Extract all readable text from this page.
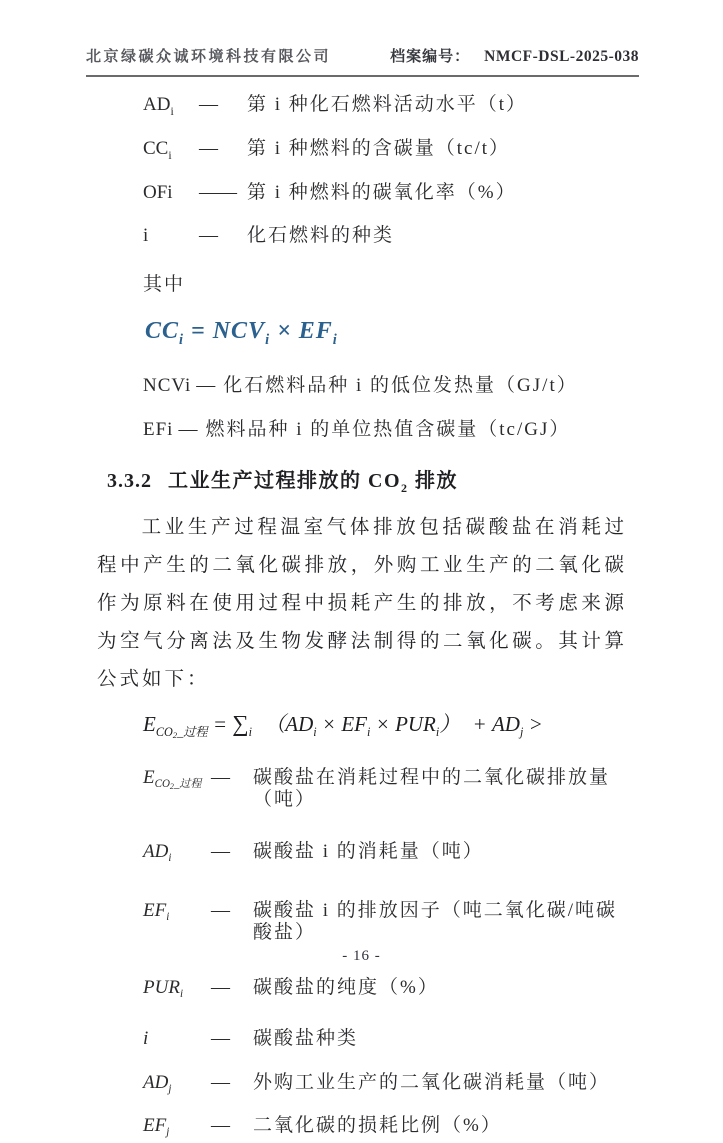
北京绿碳众诚环境科技有限公司	档案编号： NMCF-DSL-2025-038
$AD_i$	—	第 i 种化石燃料活动水平（t）
$CC_i$	—	第 i 种燃料的含碳量（tc/t）
OFi	—— 第 i 种燃料的碳氧化率（%）
i	—	化石燃料的种类
其中
$CC_i = NCV_i \times EF_i$
NCVi — 化石燃料品种 i 的低位发热量（GJ/t）
EFi — 燃料品种 i 的单位热值含碳量（tc/GJ）
3.3.2 工业生产过程排放的 $CO_2$ 排放
工业生产过程温室气体排放包括碳酸盐在消耗过程中产生的二氧化碳排放，外购工业生产的二氧化碳作为原料在使用过程中损耗产生的排放，不考虑来源为空气分离法及生物发酵法制得的二氧化碳。其计算公式如下：
$E_{CO2\_过程} = \sum_i$ $(AD_i \times EF_i \times PUR_i) + AD_j$ >
$E_{CO2\_过程}$ —	碳酸盐在消耗过程中的二氧化碳排放量（吨）
$AD_i$	—	碳酸盐 i 的消耗量（吨）
$EF_i$	—	碳酸盐 i 的排放因子（吨二氧化碳/吨碳酸盐）
$PUR_i$	—	碳酸盐的纯度（%）
i	—	碳酸盐种类
$AD_j$	—	外购工业生产的二氧化碳消耗量（吨）
$EF_j$	—	二氧化碳的损耗比例（%）
- 16 -
